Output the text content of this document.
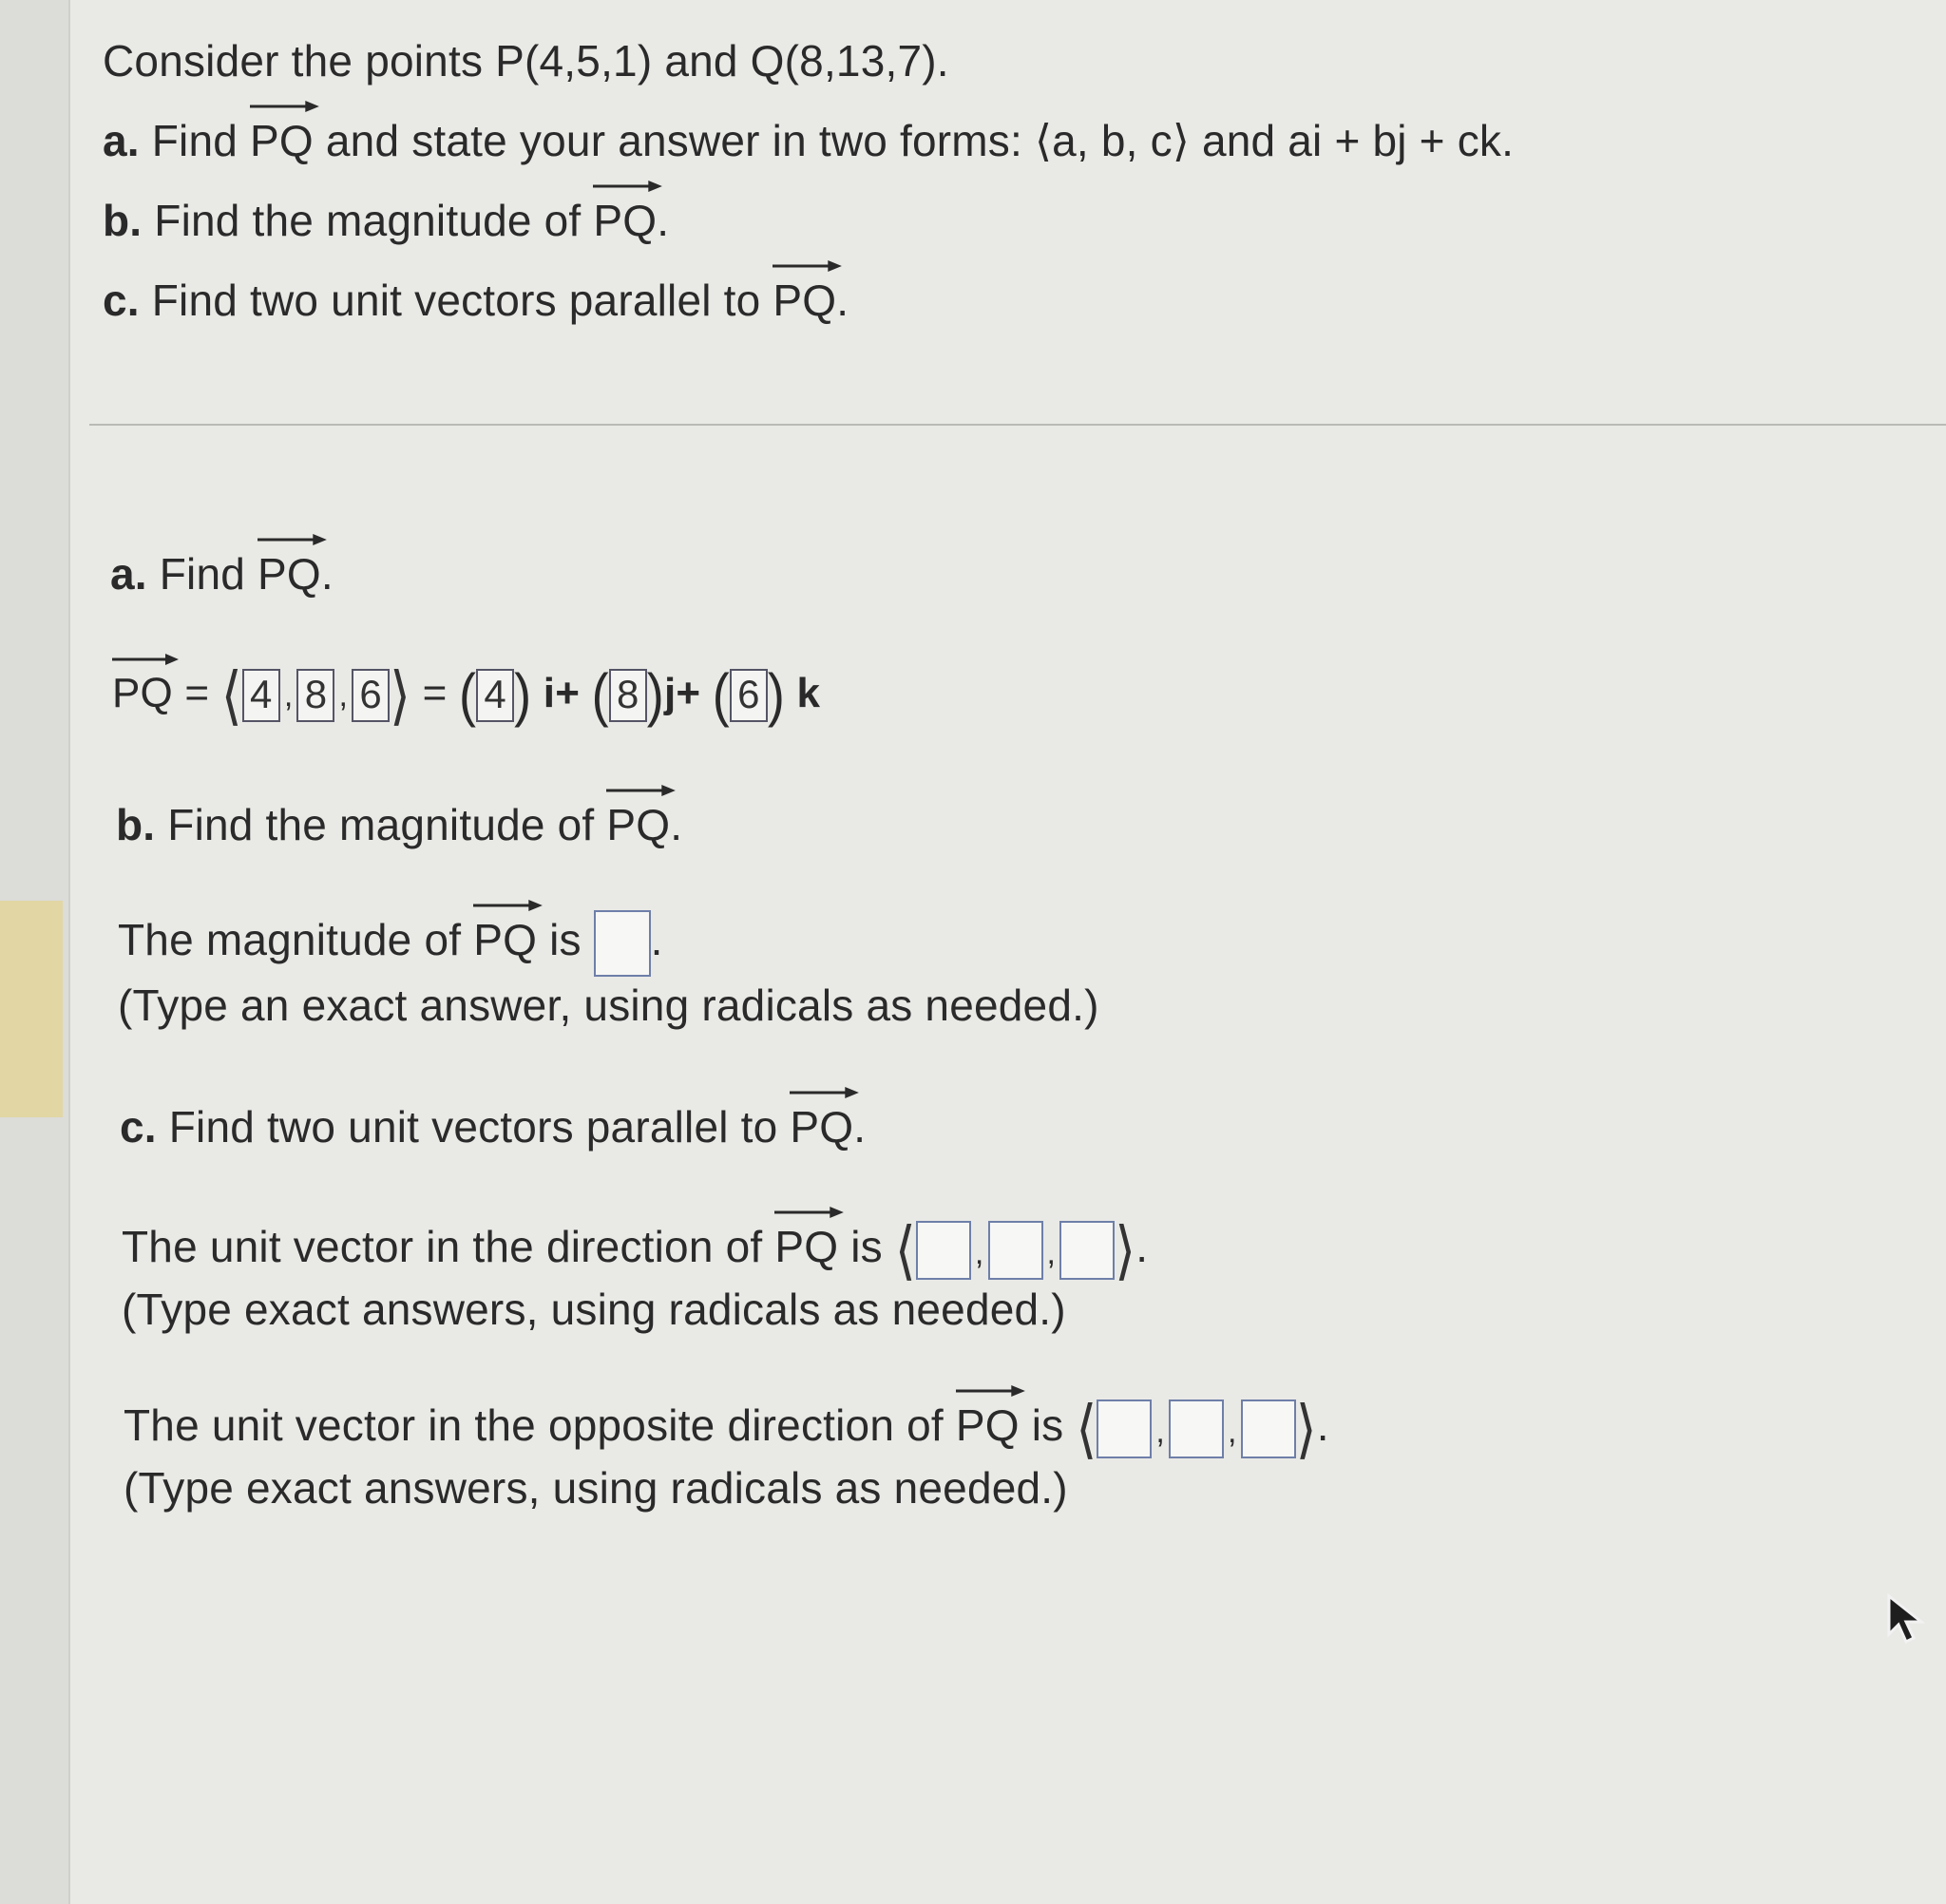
Consider the points P(4,5,1) and Q(8,13,7).
a. Find PQ and state your answer in two forms: ⟨a, b, c⟩ and ai + bj + ck.
b. Find the magnitude of PQ.
c. Find two unit vectors parallel to PQ.
a. Find PQ.
PQ = ⟨ 4 , 8 , 6 ⟩ = ( 4 ) i+ ( 8 )j+ ( 6 ) k
b. Find the magnitude of PQ.
The magnitude of PQ is .
(Type an exact answer, using radicals as needed.)
c. Find two unit vectors parallel to PQ.
The unit vector in the direction of PQ is ⟨ , , ⟩.
(Type exact answers, using radicals as needed.)
The unit vector in the opposite direction of PQ is ⟨ , , ⟩.
(Type exact answers, using radicals as needed.)
